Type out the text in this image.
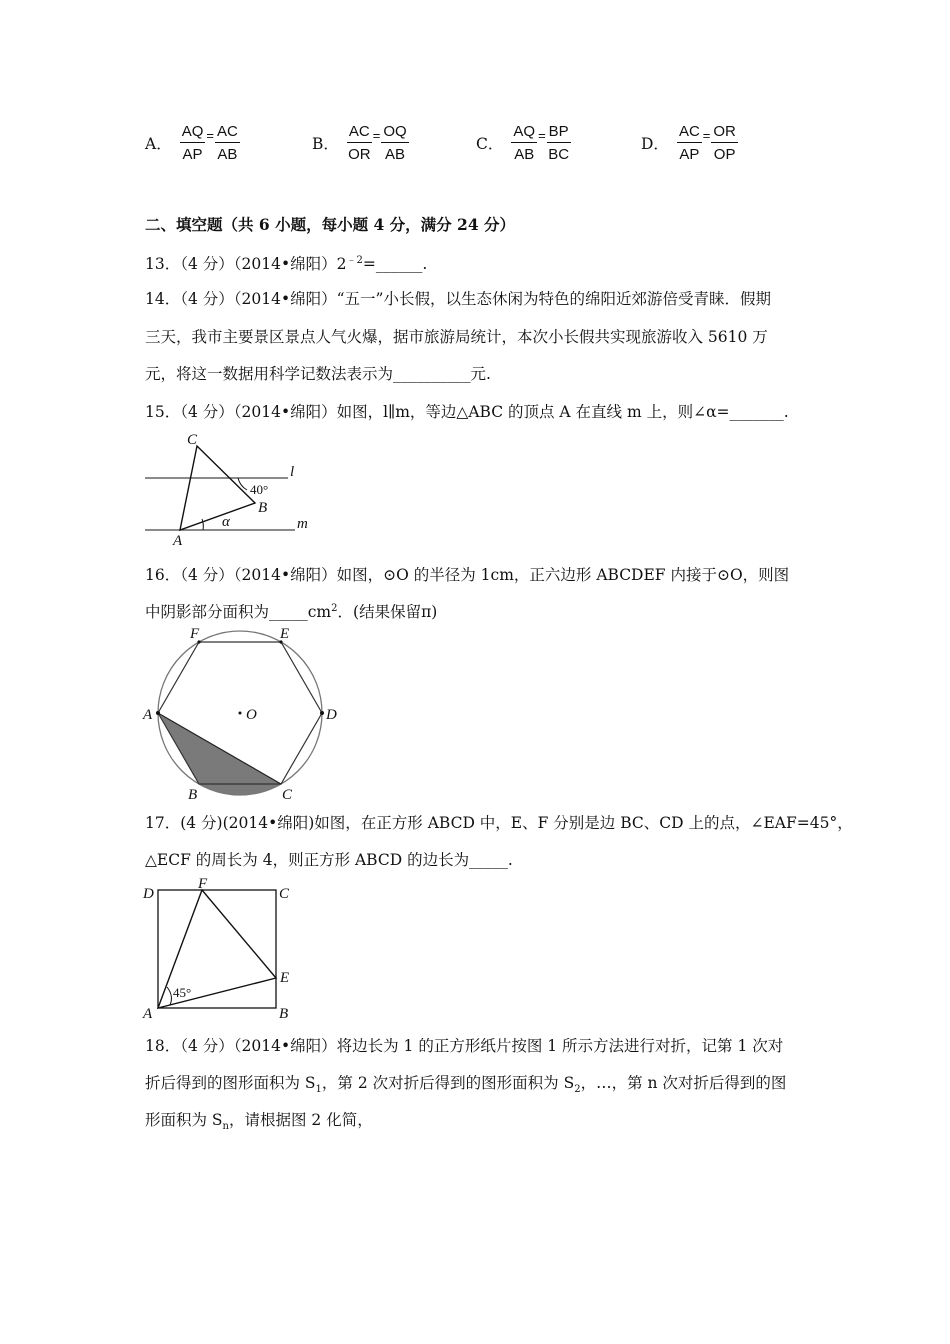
A． $\frac{AQ}{AP} = \frac{AC}{AB}$	B． $\frac{AC}{OR} = \frac{OQ}{AB}$	C． $\frac{AQ}{AB} = \frac{BP}{BC}$	D． $\frac{AC}{AP} = \frac{OR}{OP}$
二、填空题（共 6 小题，每小题 4 分，满分 24 分）
13．（4 分）（2014•绵阳）$2^{﹣2}=\_\_\_\_\_\_$.
14．（4 分）（2014•绵阳）“五一”小长假，以生态休闲为特色的绵阳近郊游倍受青睐．假期
三天，我市主要景区景点人气火爆，据市旅游局统计，本次小长假共实现旅游收入 5610 万
元，将这一数据用科学记数法表示为__________元.
15．（4 分）（2014•绵阳）如图，l∥m，等边△ABC 的顶点 A 在直线 m 上，则∠α=_______.
C
l
40°
B
α	m
A
16．（4 分）（2014•绵阳）如图，⊙O 的半径为 1cm，正六边形 ABCDEF 内接于⊙O，则图
中阴影部分面积为$\_\_\_\_\_cm^2$．(结果保留π)
F	E
A	O	D
B	C
17．(4 分)(2014•绵阳)如图，在正方形 ABCD 中，E、F 分别是边 BC、CD 上的点，∠EAF=45°，
△ECF 的周长为 4，则正方形 ABCD 的边长为_____.
D
F
C
E
45°
A	B
18．（4 分）（2014•绵阳）将边长为 1 的正方形纸片按图 1 所示方法进行对折，记第 1 次对
折后得到的图形面积为 $S_1$，第 2 次对折后得到的图形面积为 $S_2$，…，第 n 次对折后得到的图
形面积为 $S_n$，请根据图 2 化简，
